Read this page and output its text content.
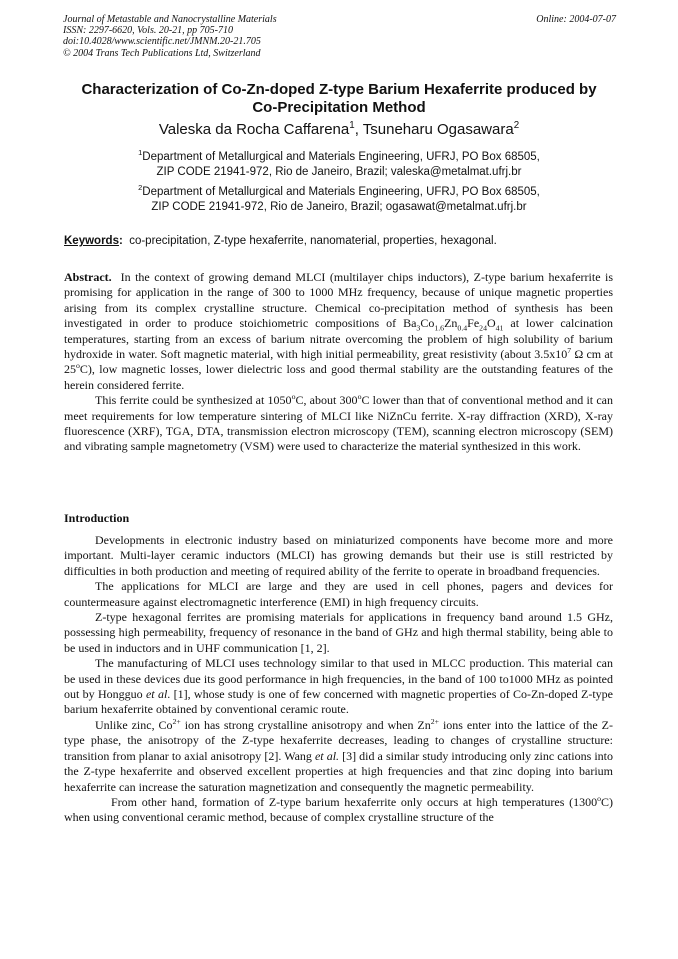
Journal of Metastable and Nanocrystalline Materials
ISSN: 2297-6620, Vols. 20-21, pp 705-710
doi:10.4028/www.scientific.net/JMNM.20-21.705
© 2004 Trans Tech Publications Ltd, Switzerland
Online: 2004-07-07
Characterization of Co-Zn-doped Z-type Barium Hexaferrite produced by
Co-Precipitation Method
Valeska da Rocha Caffarena$^1$, Tsuneharu Ogasawara$^2$
$^1$Department of Metallurgical and Materials Engineering, UFRJ, PO Box 68505,
ZIP CODE 21941-972, Rio de Janeiro, Brazil; valeska@metalmat.ufrj.br
$^2$Department of Metallurgical and Materials Engineering, UFRJ, PO Box 68505,
ZIP CODE 21941-972, Rio de Janeiro, Brazil; ogasawat@metalmat.ufrj.br
Keywords: co-precipitation, Z-type hexaferrite, nanomaterial, properties, hexagonal.

Abstract. In the context of growing demand MLCI (multilayer chips inductors), Z-type barium hexaferrite is promising for application in the range of 300 to 1000 MHz frequency, because of unique magnetic properties arising from its complex crystalline structure. Chemical co-precipitation method of synthesis has been investigated in order to produce stoichiometric compositions of $Ba_3Co_{1.6}Zn_{0.4}Fe_{24}O_{41}$ at lower calcination temperatures, starting from an excess of barium nitrate overcoming the problem of high solubility of barium hydroxide in water. Soft magnetic material, with high initial permeability, great resistivity (about $3.5x10^7$ Ω cm at 25$^o$C), low magnetic losses, lower dielectric loss and good thermal stability are the outstanding features of the herein considered ferrite.

This ferrite could be synthesized at 1050$^o$C, about 300$^o$C lower than that of conventional method and it can meet requirements for low temperature sintering of MLCI like NiZnCu ferrite. X-ray diffraction (XRD), X-ray fluorescence (XRF), TGA, DTA, transmission electron microscopy (TEM), scanning electron microscopy (SEM) and vibrating sample magnetometry (VSM) were used to characterize the material synthesized in this work.

Introduction

Developments in electronic industry based on miniaturized components have become more and more important. Multi-layer ceramic inductors (MLCI) has growing demands but their use is still restricted by difficulties in both production and meeting of required ability of the ferrite to operate in broadband frequencies.

The applications for MLCI are large and they are used in cell phones, pagers and devices for countermeasure against electromagnetic interference (EMI) in high frequency circuits.

Z-type hexagonal ferrites are promising materials for applications in frequency band around 1.5 GHz, possessing high permeability, frequency of resonance in the band of GHz and high thermal stability, being able to be used in inductors and in UHF communication [1, 2].

The manufacturing of MLCI uses technology similar to that used in MLCC production. This material can be used in these devices due its good performance in high frequencies, in the band of 100 to1000 MHz as pointed out by Hongguo et al. [1], whose study is one of few concerned with magnetic properties of Co-Zn-doped Z-type barium hexaferrite obtained by conventional ceramic route.

Unlike zinc, $Co^{2+}$ ion has strong crystalline anisotropy and when $Zn^{2+}$ ions enter into the lattice of the Z-type phase, the anisotropy of the Z-type hexaferrite decreases, leading to changes of crystalline structure: transition from planar to axial anisotropy [2]. Wang et al. [3] did a similar study introducing only zinc cations into the Z-type hexaferrite and observed excellent properties at high frequencies and that zinc doping into barium hexaferrite can increase the saturation magnetization and consequently the magnetic permeability.

From other hand, formation of Z-type barium hexaferrite only occurs at high temperatures (1300$^o$C) when using conventional ceramic method, because of complex crystalline structure of the
